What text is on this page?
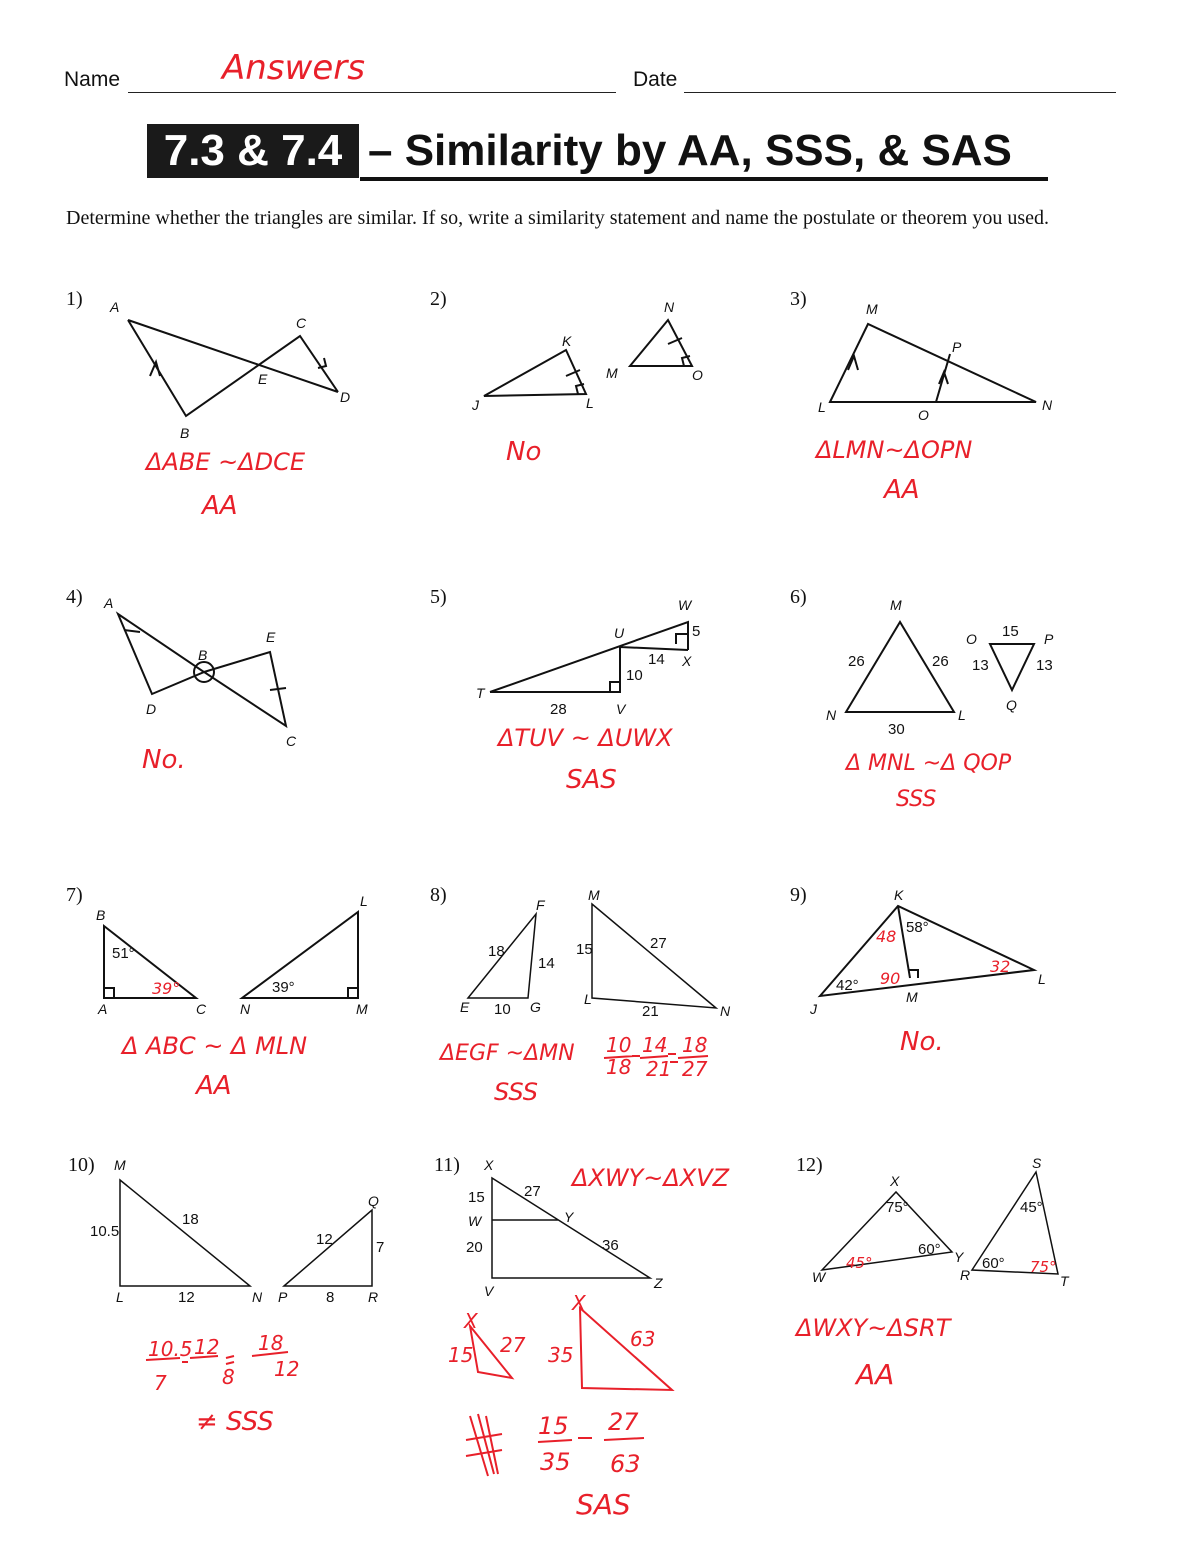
Name	Answers	Date
7.3 & 7.4 – Similarity by AA, SSS, & SAS
Determine whether the triangles are similar. If so, write a similarity statement and name the postulate or theorem you used.
1)	2)	3)
4)	5)	6)
7)	8)	9)
10)	11)	12)
A
C
E
D
B
N
K
M	O
J	L
M
P
L	O
N
A
E
B
D
C
W
U	5
14 X
10
T
28	V
M
26	26
N
30
L
O 15 P
13	13
Q
B
51°
39°
A	C
L
39°
N	M
F
18
14
E 10 G
M
15	27
L
21	N
K
48 58°
42° 90
32
M
J
L
M
10.5
18
L	12	N
Q
12	7
P	8 R
X
15	27
W	Y
20	36
V	Z
X
75°
45°
60°
W
Y
S
45°
R
60° 75°
T
ΔABE ~ΔDCE
AA
No	ΔLMN~ΔOPN
AA
No.
ΔTUV ~ ΔUWX
SAS
Δ MNL ~Δ QOP
SSS
Δ ABC ~ Δ MLN
AA
ΔEGF ~ΔMN
SSS
No.
≠ SSS
ΔXWY~ΔXVZ
SAS
ΔWXY~ΔSRT
AA
10
18
14
21
18
27
10.5
7
12
8
18
12
X
15 27
X
35
63
15
35
27
63
